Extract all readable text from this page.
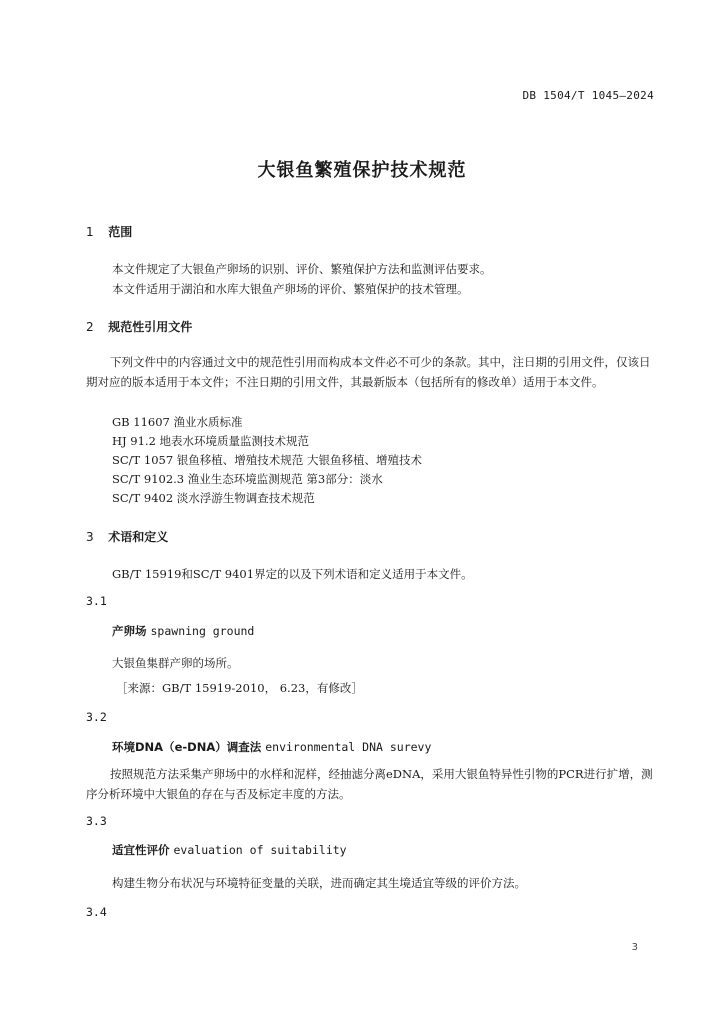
DB 1504/T 1045—2024
大银鱼繁殖保护技术规范
1 范围
本文件规定了大银鱼产卵场的识别、评价、繁殖保护方法和监测评估要求。
本文件适用于湖泊和水库大银鱼产卵场的评价、繁殖保护的技术管理。
2 规范性引用文件
下列文件中的内容通过文中的规范性引用而构成本文件必不可少的条款。其中，注日期的引用文件，仅该日期对应的版本适用于本文件；不注日期的引用文件，其最新版本（包括所有的修改单）适用于本文件。
GB 11607 渔业水质标准
HJ 91.2 地表水环境质量监测技术规范
SC/T 1057 银鱼移植、增殖技术规范 大银鱼移植、增殖技术
SC/T 9102.3 渔业生态环境监测规范 第3部分：淡水
SC/T 9402 淡水浮游生物调查技术规范
3 术语和定义
GB/T 15919和SC/T 9401界定的以及下列术语和定义适用于本文件。
3.1
产卵场 spawning ground
大银鱼集群产卵的场所。
［来源：GB/T 15919-2010， 6.23，有修改］
3.2
环境DNA（e-DNA）调查法 environmental DNA surevy
按照规范方法采集产卵场中的水样和泥样，经抽滤分离eDNA，采用大银鱼特异性引物的PCR进行扩增，测序分析环境中大银鱼的存在与否及标定丰度的方法。
3.3
适宜性评价 evaluation of suitability
构建生物分布状况与环境特征变量的关联，进而确定其生境适宜等级的评价方法。
3.4
3
